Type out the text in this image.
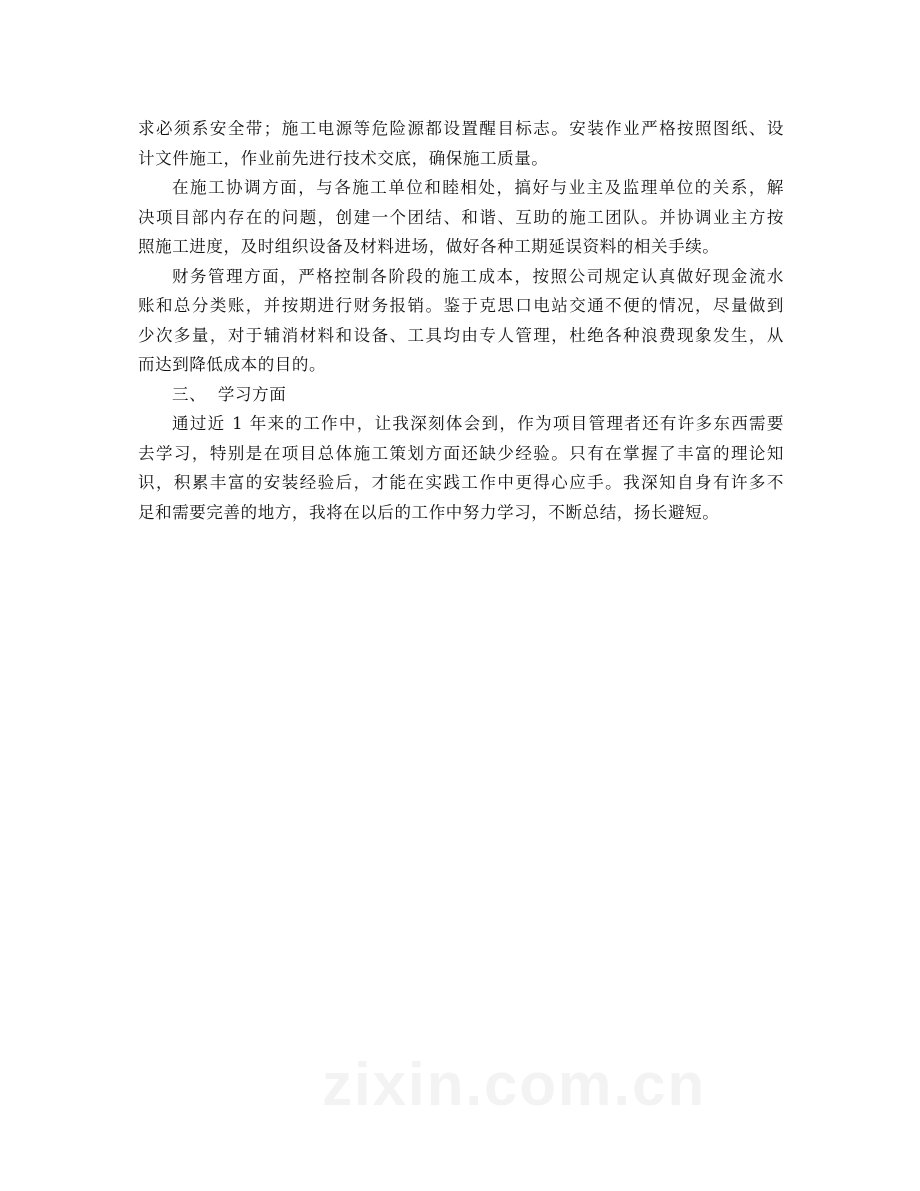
求必须系安全带；施工电源等危险源都设置醒目标志。安装作业严格按照图纸、设
计文件施工，作业前先进行技术交底，确保施工质量。
在施工协调方面，与各施工单位和睦相处，搞好与业主及监理单位的关系，解
决项目部内存在的问题，创建一个团结、和谐、互助的施工团队。并协调业主方按
照施工进度，及时组织设备及材料进场，做好各种工期延误资料的相关手续。
财务管理方面，严格控制各阶段的施工成本，按照公司规定认真做好现金流水
账和总分类账，并按期进行财务报销。鉴于克思口电站交通不便的情况，尽量做到
少次多量，对于辅消材料和设备、工具均由专人管理，杜绝各种浪费现象发生，从
而达到降低成本的目的。
三、  学习方面
通过近 1 年来的工作中，让我深刻体会到，作为项目管理者还有许多东西需要
去学习，特别是在项目总体施工策划方面还缺少经验。只有在掌握了丰富的理论知
识，积累丰富的安装经验后，才能在实践工作中更得心应手。我深知自身有许多不
足和需要完善的地方，我将在以后的工作中努力学习，不断总结，扬长避短。
zixin.com.cn
